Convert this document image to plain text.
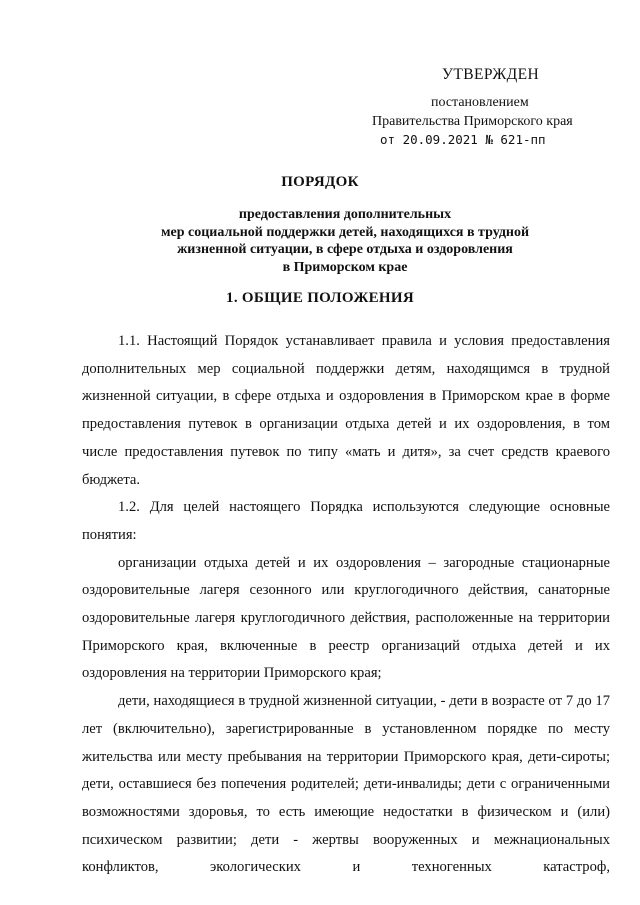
УТВЕРЖДЕН
постановлением
Правительства Приморского края
от 20.09.2021 № 621-пп
ПОРЯДОК
предоставления дополнительных
мер социальной поддержки детей, находящихся в трудной
жизненной ситуации, в сфере отдыха и оздоровления
в Приморском крае
1. ОБЩИЕ ПОЛОЖЕНИЯ

1.1. Настоящий Порядок устанавливает правила и условия предоставления дополнительных мер социальной поддержки детям, находящимся в трудной жизненной ситуации, в сфере отдыха и оздоровления в Приморском крае в форме предоставления путевок в организации отдыха детей и их оздоровления, в том числе предоставления путевок по типу «мать и дитя», за счет средств краевого бюджета.

1.2. Для целей настоящего Порядка используются следующие основные понятия:

организации отдыха детей и их оздоровления – загородные стационарные оздоровительные лагеря сезонного или круглогодичного действия, санаторные оздоровительные лагеря круглогодичного действия, расположенные на территории Приморского края, включенные в реестр организаций отдыха детей и их оздоровления на территории Приморского края;

дети, находящиеся в трудной жизненной ситуации, - дети в возрасте от 7 до 17 лет (включительно), зарегистрированные в установленном порядке по месту жительства или месту пребывания на территории Приморского края, дети-сироты; дети, оставшиеся без попечения родителей; дети-инвалиды; дети с ограниченными возможностями здоровья, то есть имеющие недостатки в физическом и (или) психическом развитии; дети - жертвы вооруженных и межнациональных конфликтов, экологических и техногенных катастроф,
